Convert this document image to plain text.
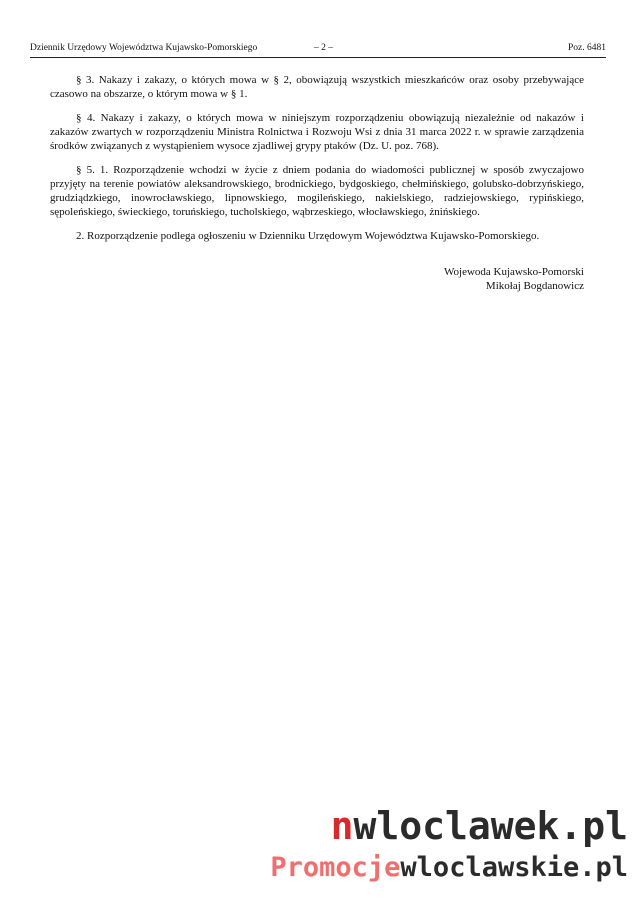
Dziennik Urzędowy Województwa Kujawsko-Pomorskiego	– 2 –	Poz. 6481

§ 3. Nakazy i zakazy, o których mowa w § 2, obowiązują wszystkich mieszkańców oraz osoby przebywające czasowo na obszarze, o którym mowa w § 1.

§ 4. Nakazy i zakazy, o których mowa w niniejszym rozporządzeniu obowiązują niezależnie od nakazów i zakazów zwartych w rozporządzeniu Ministra Rolnictwa i Rozwoju Wsi z dnia 31 marca 2022 r. w sprawie zarządzenia środków związanych z wystąpieniem wysoce zjadliwej grypy ptaków (Dz. U. poz. 768).

§ 5. 1. Rozporządzenie wchodzi w życie z dniem podania do wiadomości publicznej w sposób zwyczajowo przyjęty na terenie powiatów aleksandrowskiego, brodnickiego, bydgoskiego, chełmińskiego, golubsko-dobrzyńskiego, grudziądzkiego, inowrocławskiego, lipnowskiego, mogileńskiego, nakielskiego, radziejowskiego, rypińskiego, sępoleńskiego, świeckiego, toruńskiego, tucholskiego, wąbrzeskiego, włocławskiego, żnińskiego.

2. Rozporządzenie podlega ogłoszeniu w Dzienniku Urzędowym Województwa Kujawsko-Pomorskiego.

Wojewoda Kujawsko-Pomorski
Mikołaj Bogdanowicz
nwloclawek.pl
Promocjewloclawskie.pl
